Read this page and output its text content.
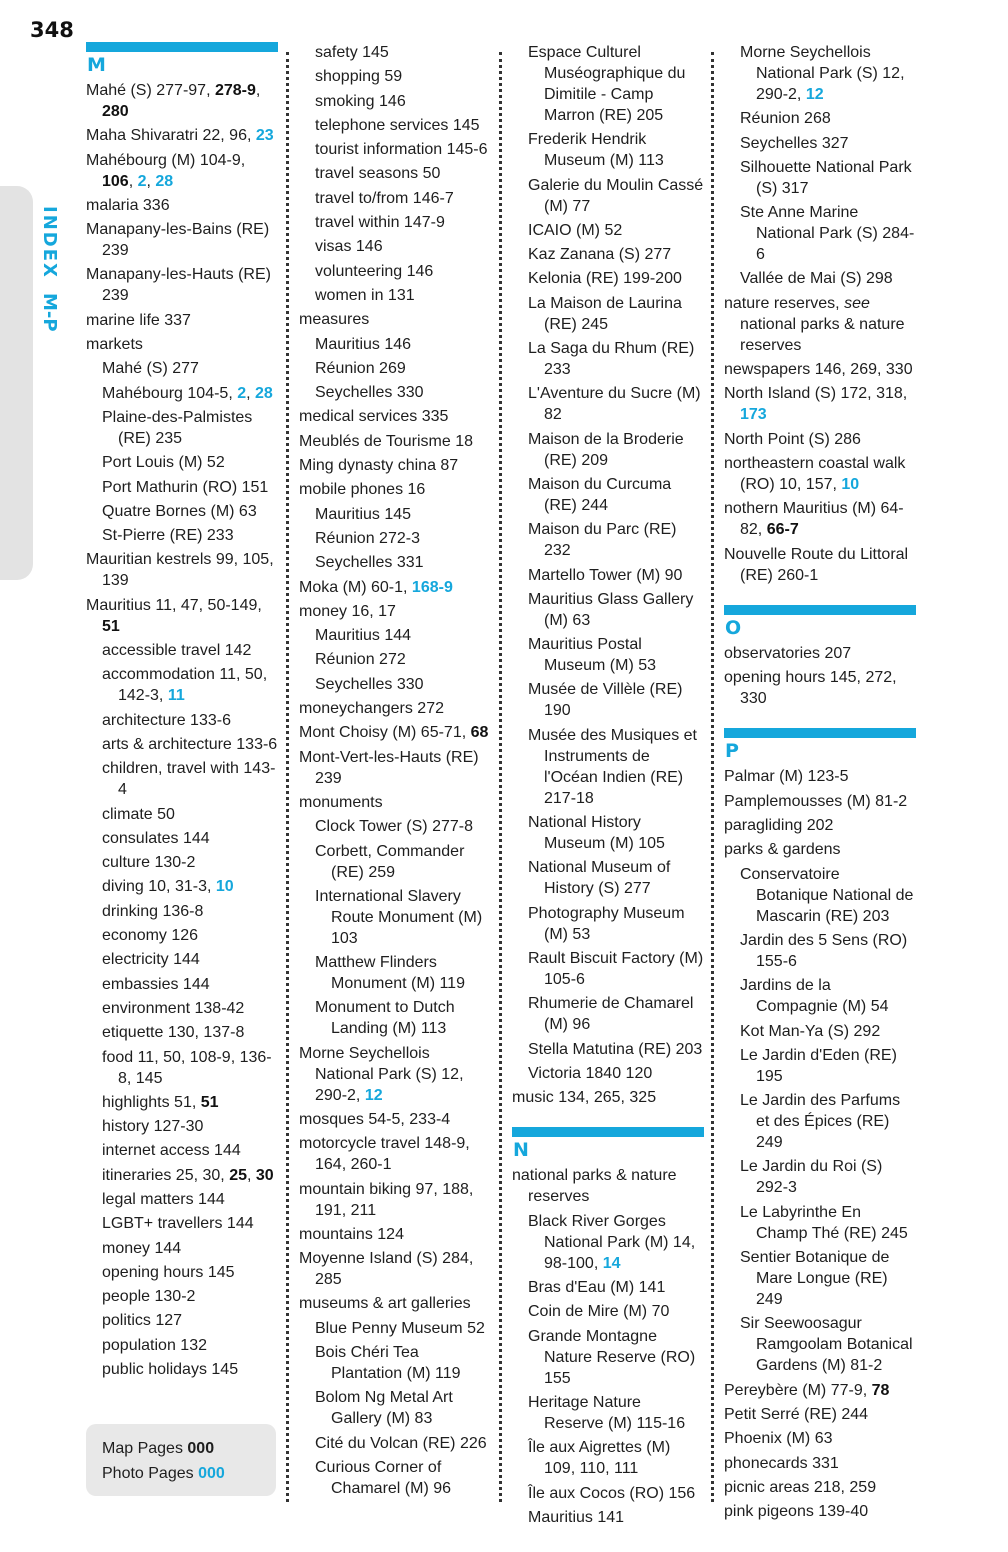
348
INDEX M-P
M
Mahé (S) 277-97, 278-9, 280
Maha Shivaratri 22, 96, 23
Mahébourg (M) 104-9, 106, 2, 28
malaria 336
Manapany-les-Bains (RE) 239
Manapany-les-Hauts (RE) 239
marine life 337
markets
Mahé (S) 277
Mahébourg 104-5, 2, 28
Plaine-des-Palmistes (RE) 235
Port Louis (M) 52
Port Mathurin (RO) 151
Quatre Bornes (M) 63
St-Pierre (RE) 233
Mauritian kestrels 99, 105, 139
Mauritius 11, 47, 50-149, 51
accessible travel 142
accommodation 11, 50, 142-3, 11
architecture 133-6
arts & architecture 133-6
children, travel with 143-4
climate 50
consulates 144
culture 130-2
diving 10, 31-3, 10
drinking 136-8
economy 126
electricity 144
embassies 144
environment 138-42
etiquette 130, 137-8
food 11, 50, 108-9, 136-8, 145
highlights 51, 51
history 127-30
internet access 144
itineraries 25, 30, 25, 30
legal matters 144
LGBT+ travellers 144
money 144
opening hours 145
people 130-2
politics 127
population 132
public holidays 145
safety 145
shopping 59
smoking 146
telephone services 145
tourist information 145-6
travel seasons 50
travel to/from 146-7
travel within 147-9
visas 146
volunteering 146
women in 131
measures
Mauritius 146
Réunion 269
Seychelles 330
medical services 335
Meublés de Tourisme 18
Ming dynasty china 87
mobile phones 16
Mauritius 145
Réunion 272-3
Seychelles 331
Moka (M) 60-1, 168-9
money 16, 17
Mauritius 144
Réunion 272
Seychelles 330
moneychangers 272
Mont Choisy (M) 65-71, 68
Mont-Vert-les-Hauts (RE) 239
monuments
Clock Tower (S) 277-8
Corbett, Commander (RE) 259
International Slavery Route Monument (M) 103
Matthew Flinders Monument (M) 119
Monument to Dutch Landing (M) 113
Morne Seychellois National Park (S) 12, 290-2, 12
mosques 54-5, 233-4
motorcycle travel 148-9, 164, 260-1
mountain biking 97, 188, 191, 211
mountains 124
Moyenne Island (S) 284, 285
museums & art galleries
Blue Penny Museum 52
Bois Chéri Tea Plantation (M) 119
Bolom Ng Metal Art Gallery (M) 83
Cité du Volcan (RE) 226
Curious Corner of Chamarel (M) 96
Espace Culturel Muséographique du Dimitile - Camp Marron (RE) 205
Frederik Hendrik Museum (M) 113
Galerie du Moulin Cassé (M) 77
ICAIO (M) 52
Kaz Zanana (S) 277
Kelonia (RE) 199-200
La Maison de Laurina (RE) 245
La Saga du Rhum (RE) 233
L'Aventure du Sucre (M) 82
Maison de la Broderie (RE) 209
Maison du Curcuma (RE) 244
Maison du Parc (RE) 232
Martello Tower (M) 90
Mauritius Glass Gallery (M) 63
Mauritius Postal Museum (M) 53
Musée de Villèle (RE) 190
Musée des Musiques et Instruments de l'Océan Indien (RE) 217-18
National History Museum (M) 105
National Museum of History (S) 277
Photography Museum (M) 53
Rault Biscuit Factory (M) 105-6
Rhumerie de Chamarel (M) 96
Stella Matutina (RE) 203
Victoria 1840 120
music 134, 265, 325
N
national parks & nature reserves
Black River Gorges National Park (M) 14, 98-100, 14
Bras d'Eau (M) 141
Coin de Mire (M) 70
Grande Montagne Nature Reserve (RO) 155
Heritage Nature Reserve (M) 115-16
Île aux Aigrettes (M) 109, 110, 111
Île aux Cocos (RO) 156
Mauritius 141
Morne Seychellois National Park (S) 12, 290-2, 12
Réunion 268
Seychelles 327
Silhouette National Park (S) 317
Ste Anne Marine National Park (S) 284-6
Vallée de Mai (S) 298
nature reserves, see national parks & nature reserves
newspapers 146, 269, 330
North Island (S) 172, 318, 173
North Point (S) 286
northeastern coastal walk (RO) 10, 157, 10
nothern Mauritius (M) 64-82, 66-7
Nouvelle Route du Littoral (RE) 260-1
O
observatories 207
opening hours 145, 272, 330
P
Palmar (M) 123-5
Pamplemousses (M) 81-2
paragliding 202
parks & gardens
Conservatoire Botanique National de Mascarin (RE) 203
Jardin des 5 Sens (RO) 155-6
Jardins de la Compagnie (M) 54
Kot Man-Ya (S) 292
Le Jardin d'Eden (RE) 195
Le Jardin des Parfums et des Épices (RE) 249
Le Jardin du Roi (S) 292-3
Le Labyrinthe En Champ Thé (RE) 245
Sentier Botanique de Mare Longue (RE) 249
Sir Seewoosagur Ramgoolam Botanical Gardens (M) 81-2
Pereybère (M) 77-9, 78
Petit Serré (RE) 244
Phoenix (M) 63
phonecards 331
picnic areas 218, 259
pink pigeons 139-40
Map Pages 000
Photo Pages 000
